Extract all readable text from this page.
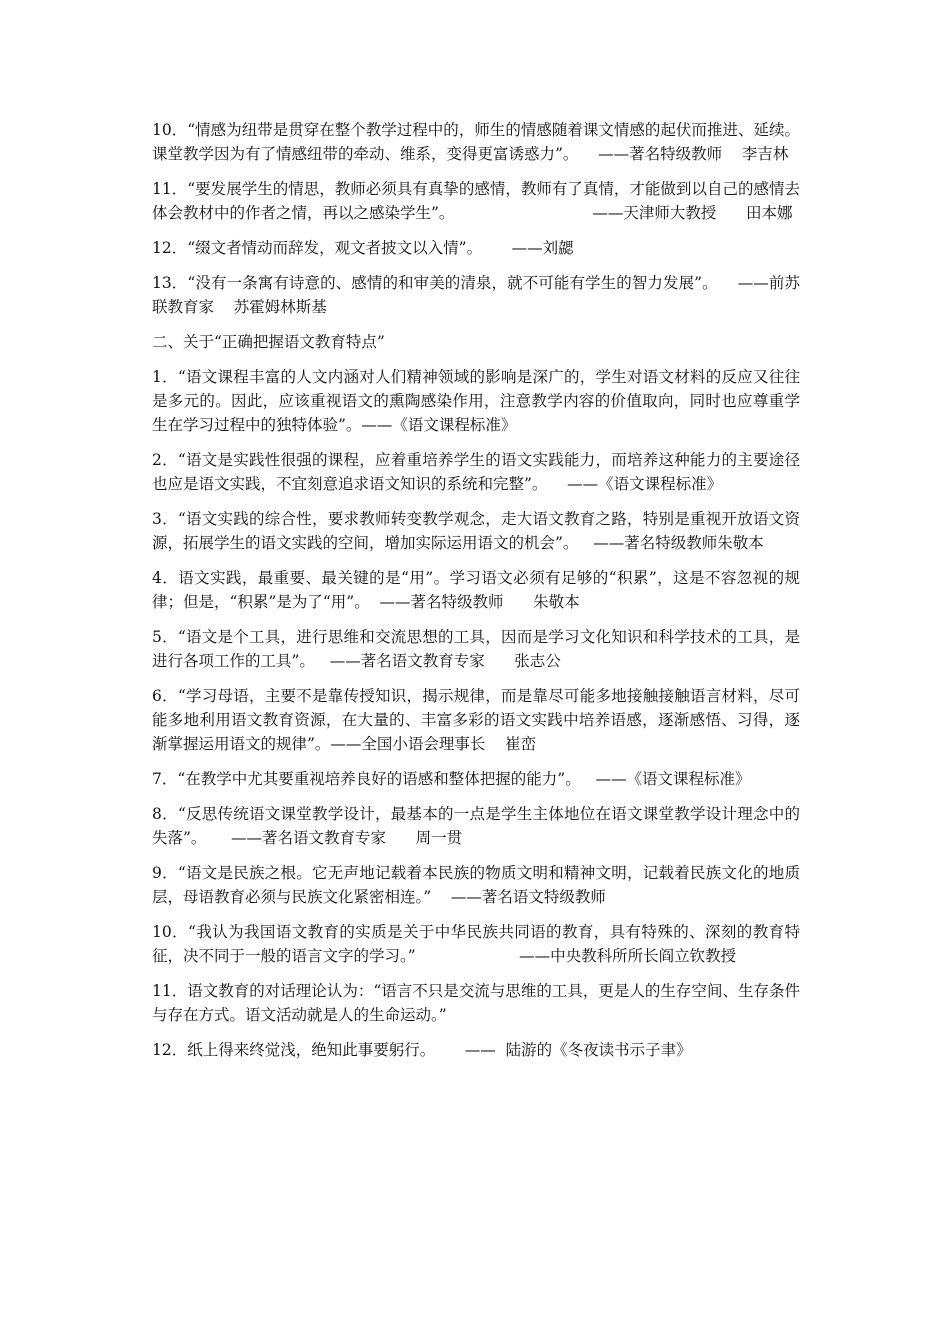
10．“情感为纽带是贯穿在整个教学过程中的，师生的情感随着课文情感的起伏而推进、延续。课堂教学因为有了情感纽带的牵动、维系，变得更富诱惑力”。    ——著名特级教师    李吉林

11．“要发展学生的情思，教师必须具有真挚的感情，教师有了真情，才能做到以自己的感情去体会教材中的作者之情，再以之感染学生”。                            ——天津师大教授      田本娜

12．“缀文者情动而辞发，观文者披文以入情”。      ——刘勰

13．“没有一条寓有诗意的、感情的和审美的清泉，就不可能有学生的智力发展”。    ——前苏联教育家    苏霍姆林斯基

二、关于“正确把握语文教育特点”

1．“语文课程丰富的人文内涵对人们精神领域的影响是深广的，学生对语文材料的反应又往往是多元的。因此，应该重视语文的熏陶感染作用，注意教学内容的价值取向，同时也应尊重学生在学习过程中的独特体验”。——《语文课程标准》

2．“语文是实践性很强的课程，应着重培养学生的语文实践能力，而培养这种能力的主要途径也应是语文实践，不宜刻意追求语文知识的系统和完整”。    ——《语文课程标准》

3．“语文实践的综合性，要求教师转变教学观念，走大语文教育之路，特别是重视开放语文资源，拓展学生的语文实践的空间，增加实际运用语文的机会”。   ——著名特级教师朱敬本

4．语文实践，最重要、最关键的是“用”。学习语文必须有足够的“积累”，这是不容忽视的规律；但是，“积累”是为了“用”。  ——著名特级教师      朱敬本

5．“语文是个工具，进行思维和交流思想的工具，因而是学习文化知识和科学技术的工具，是进行各项工作的工具”。   ——著名语文教育专家      张志公

6．“学习母语，主要不是靠传授知识，揭示规律，而是靠尽可能多地接触接触语言材料，尽可能多地利用语文教育资源，在大量的、丰富多彩的语文实践中培养语感，逐渐感悟、习得，逐渐掌握运用语文的规律”。——全国小语会理事长    崔峦

7．“在教学中尤其要重视培养良好的语感和整体把握的能力”。   ——《语文课程标准》

8．“反思传统语文课堂教学设计，最基本的一点是学生主体地位在语文课堂教学设计理念中的失落”。     ——著名语文教育专家      周一贯

9．“语文是民族之根。它无声地记载着本民族的物质文明和精神文明，记载着民族文化的地质层，母语教育必须与民族文化紧密相连。”    ——著名语文特级教师

10．“我认为我国语文教育的实质是关于中华民族共同语的教育，具有特殊的、深刻的教育特征，决不同于一般的语言文字的学习。”                     ——中央教科所所长阎立钦教授

11．语文教育的对话理论认为：“语言不只是交流与思维的工具，更是人的生存空间、生存条件与存在方式。语文活动就是人的生命运动。”

12．纸上得来终觉浅，绝知此事要躬行。      ——  陆游的《冬夜读书示子聿》
